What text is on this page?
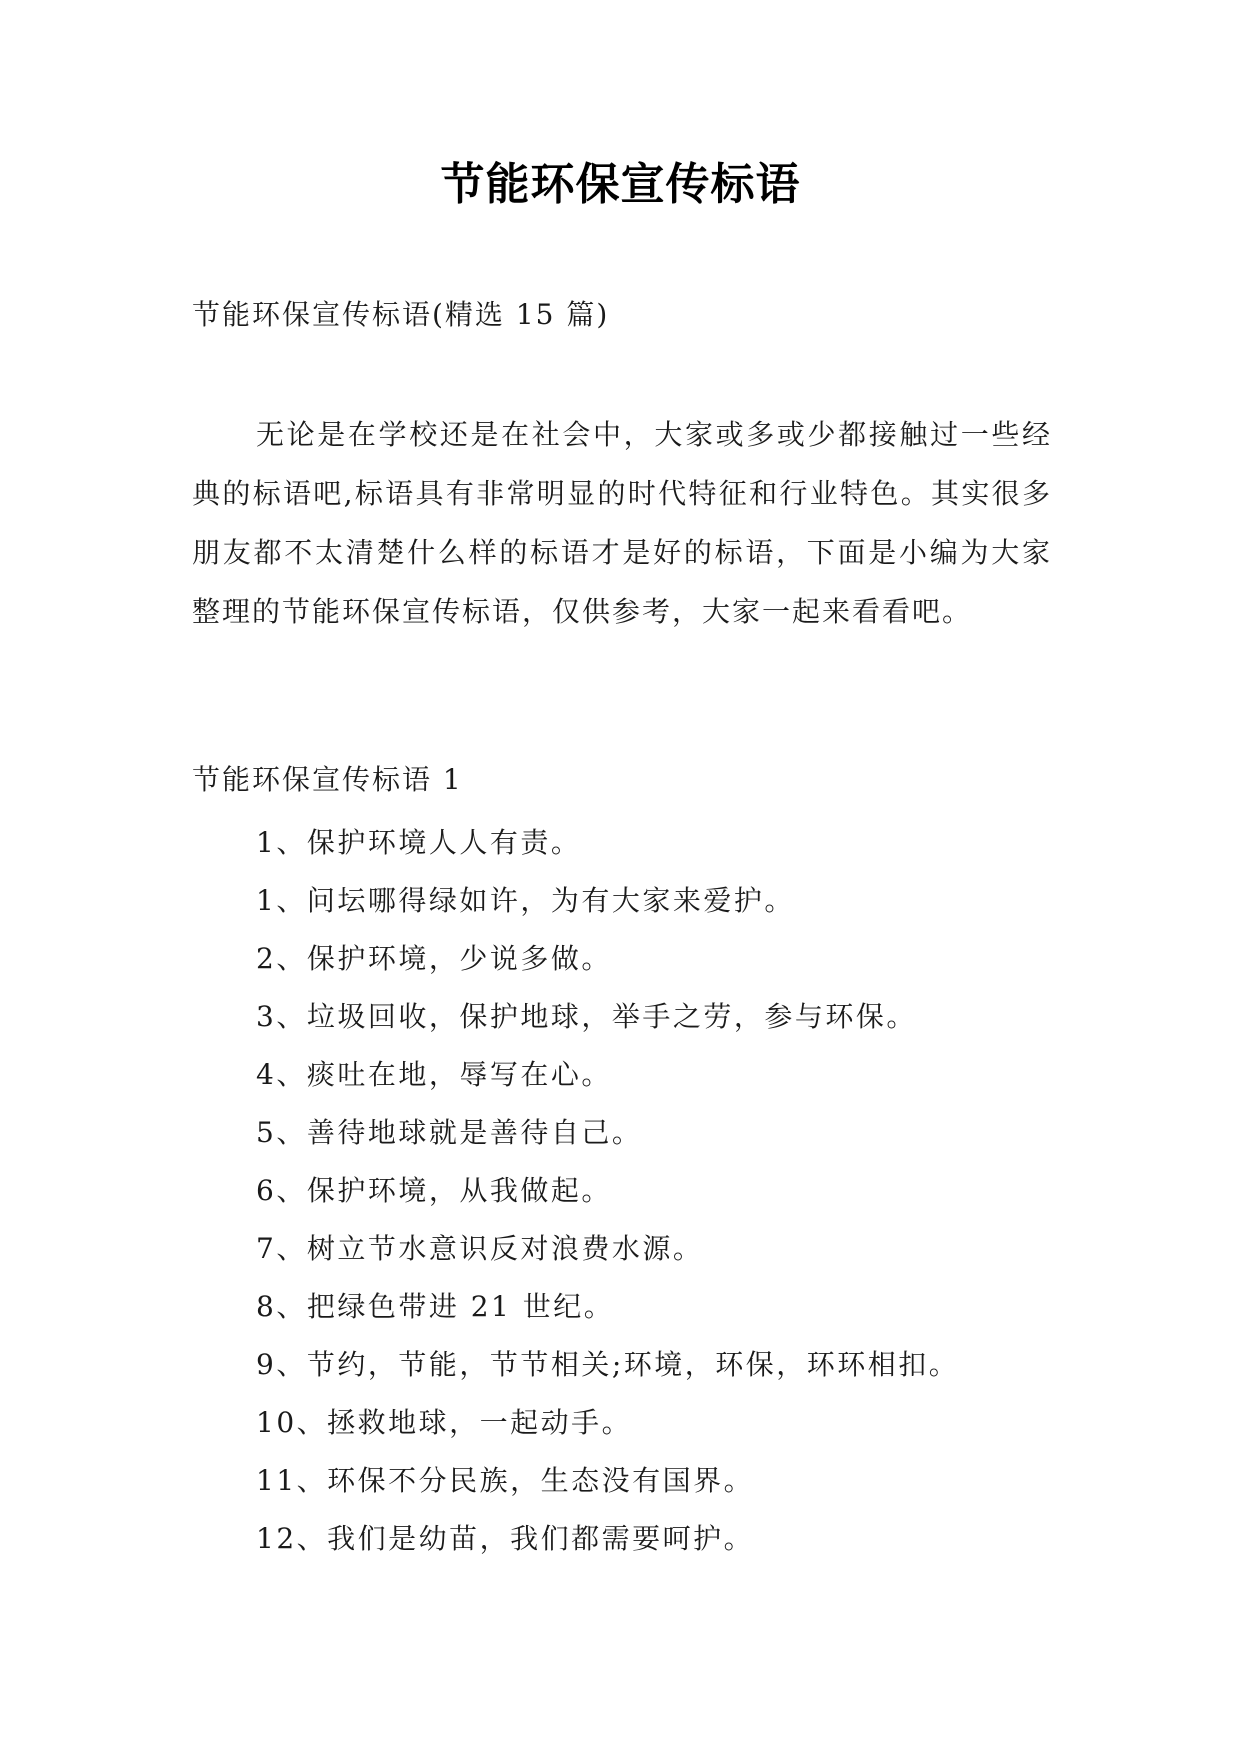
节能环保宣传标语
节能环保宣传标语(精选 15 篇)

无论是在学校还是在社会中，大家或多或少都接触过一些经典的标语吧,标语具有非常明显的时代特征和行业特色。其实很多朋友都不太清楚什么样的标语才是好的标语，下面是小编为大家整理的节能环保宣传标语，仅供参考，大家一起来看看吧。

节能环保宣传标语 1
1、保护环境人人有责。
1、问坛哪得绿如许，为有大家来爱护。
2、保护环境，少说多做。
3、垃圾回收，保护地球，举手之劳，参与环保。
4、痰吐在地，辱写在心。
5、善待地球就是善待自己。
6、保护环境，从我做起。
7、树立节水意识反对浪费水源。
8、把绿色带进 21 世纪。
9、节约，节能，节节相关;环境，环保，环环相扣。
10、拯救地球，一起动手。
11、环保不分民族，生态没有国界。
12、我们是幼苗，我们都需要呵护。
